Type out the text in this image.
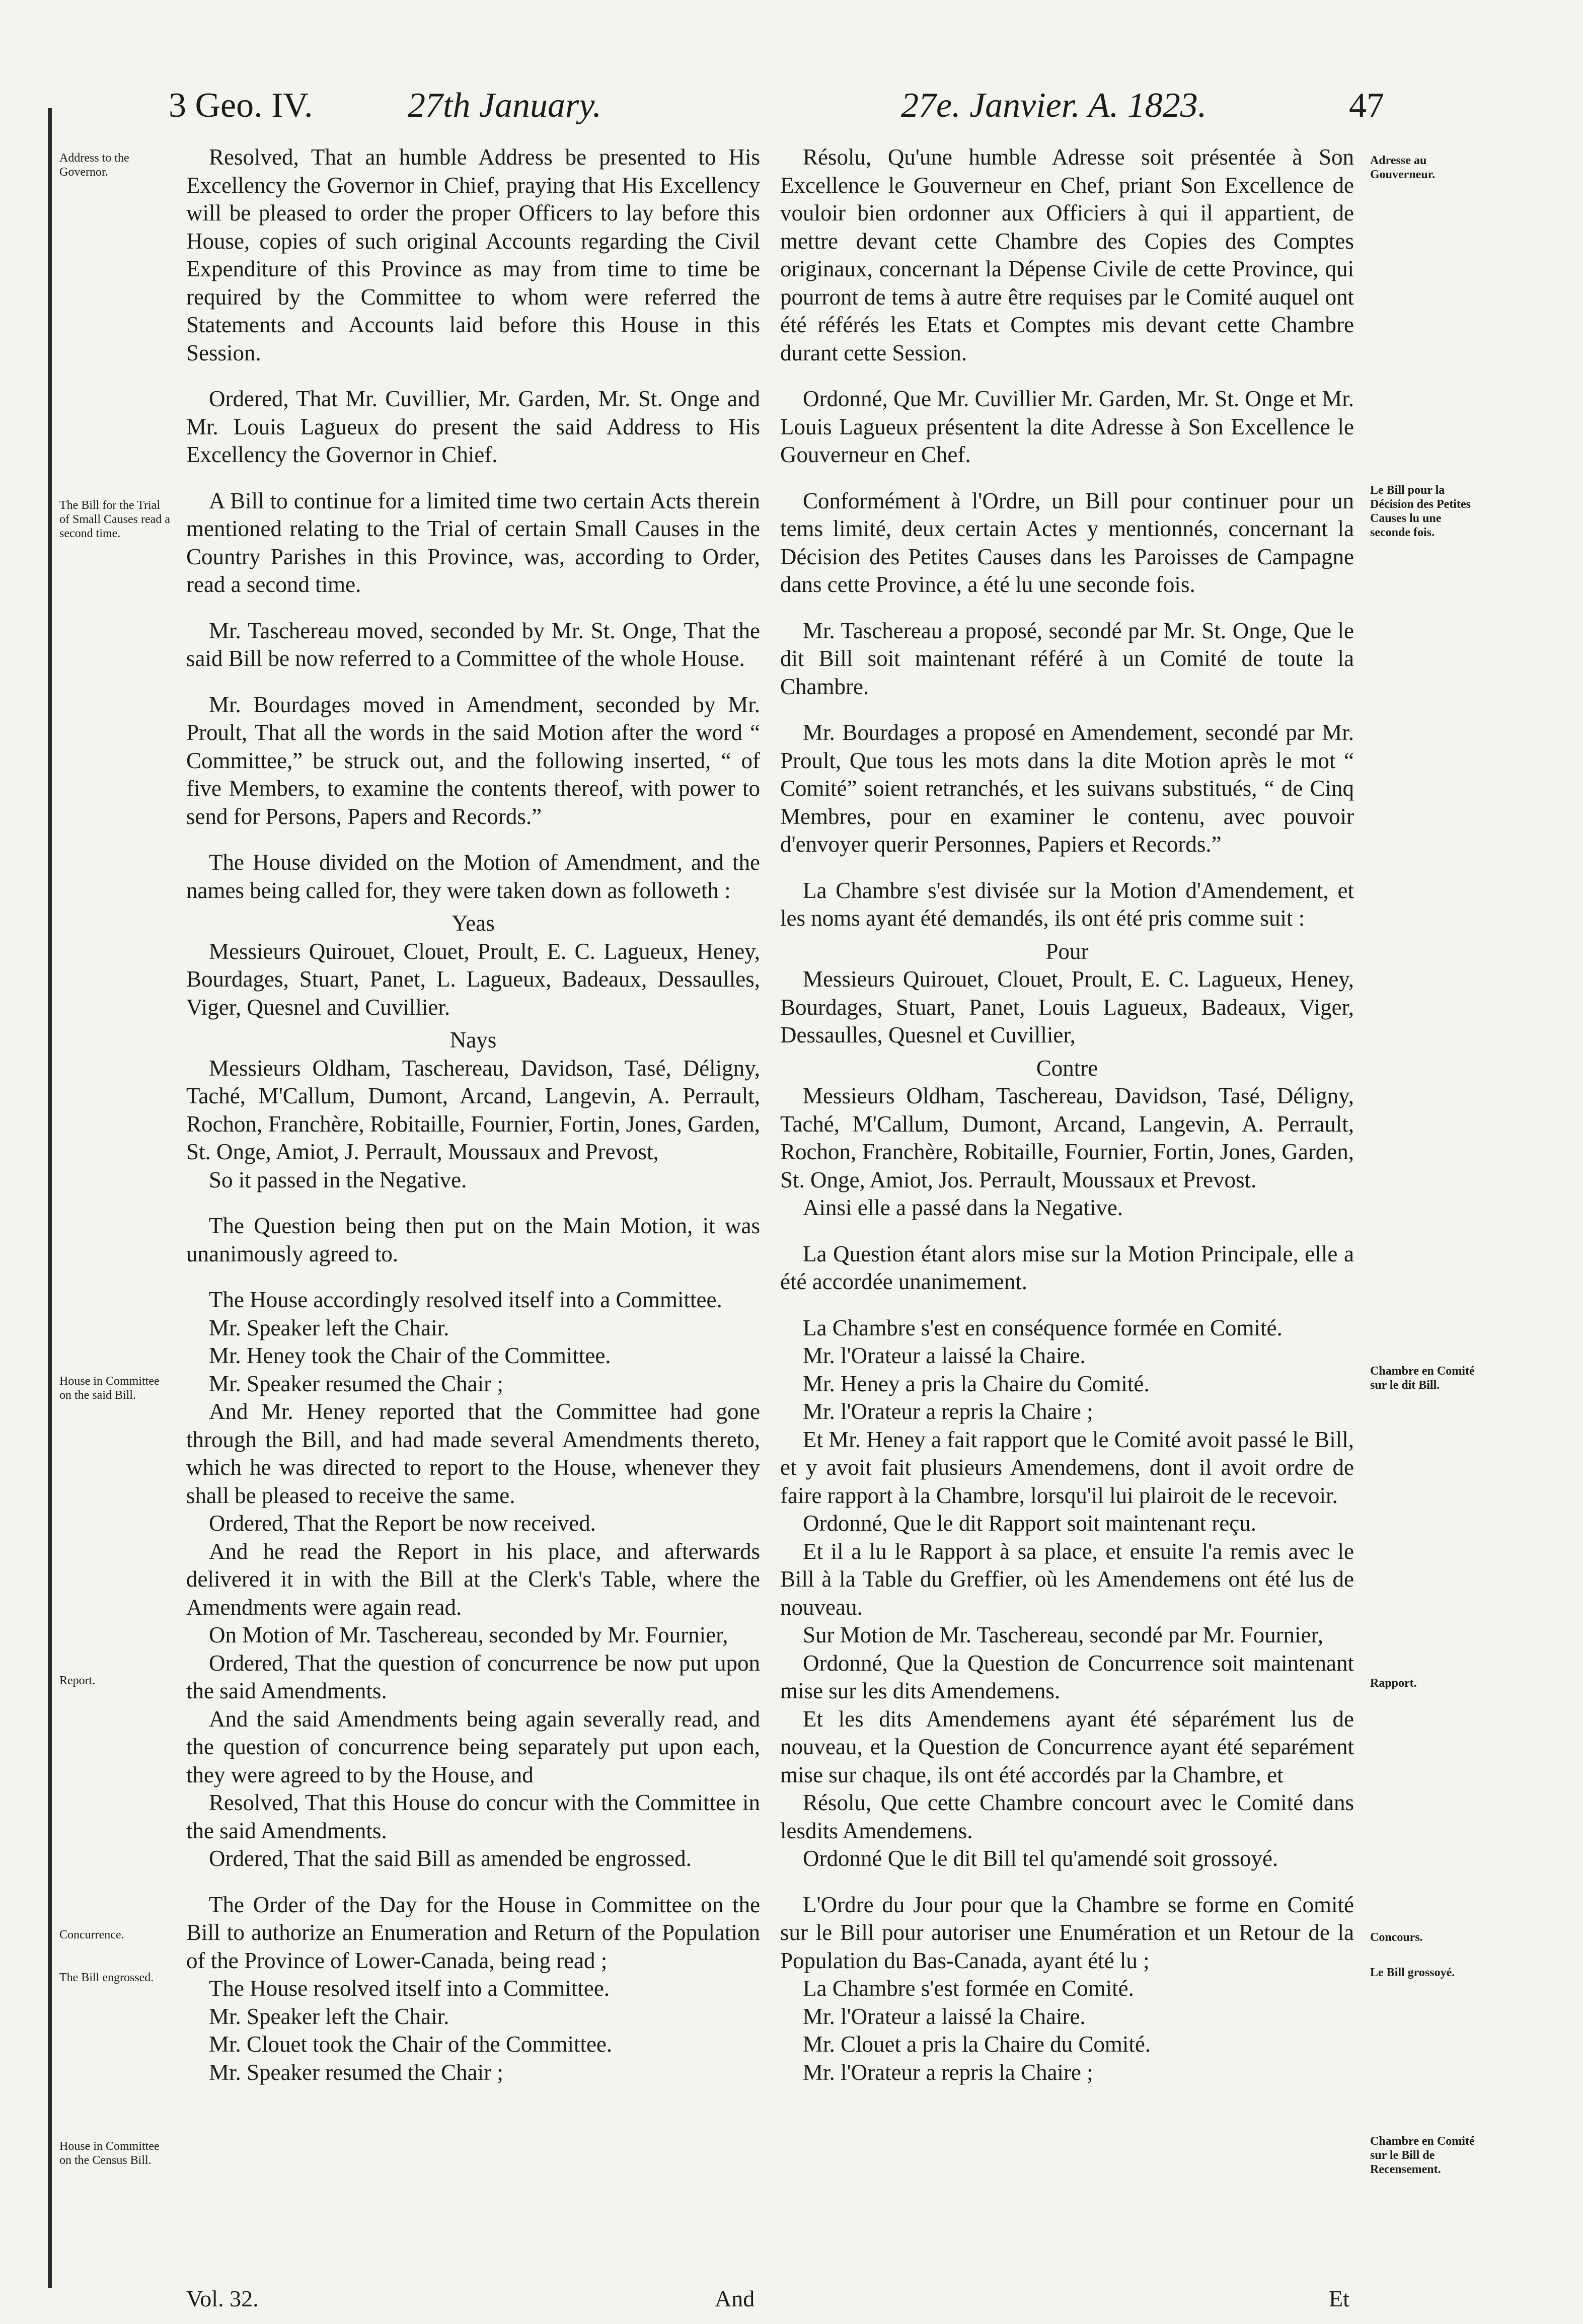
3 Geo. IV.	27th January.	27e. Janvier. A. 1823.	47
Address to the Governor.
The Bill for the Trial of Small Causes read a second time.
House in Committee on the said Bill.
Report.
Concurrence.
The Bill engrossed.
House in Committee on the Census Bill.
Adresse au Gouverneur.
Le Bill pour la Décision des Petites Causes lu une seconde fois.
Chambre en Comité sur le dit Bill.
Rapport.
Concours.
Le Bill grossoyé.
Chambre en Comité sur le Bill de Recensement.

Resolved, That an humble Address be presented to His Excellency the Governor in Chief, praying that His Excellency will be pleased to order the proper Officers to lay before this House, copies of such original Accounts regarding the Civil Expenditure of this Province as may from time to time be required by the Committee to whom were referred the Statements and Accounts laid before this House in this Session.

Ordered, That Mr. Cuvillier, Mr. Garden, Mr. St. Onge and Mr. Louis Lagueux do present the said Address to His Excellency the Governor in Chief.

A Bill to continue for a limited time two certain Acts therein mentioned relating to the Trial of certain Small Causes in the Country Parishes in this Province, was, according to Order, read a second time.

Mr. Taschereau moved, seconded by Mr. St. Onge, That the said Bill be now referred to a Committee of the whole House.

Mr. Bourdages moved in Amendment, seconded by Mr. Proult, That all the words in the said Motion after the word “ Committee,” be struck out, and the following inserted, “ of five Members, to examine the contents thereof, with power to send for Persons, Papers and Records.”

The House divided on the Motion of Amendment, and the names being called for, they were taken down as followeth :

Yeas

Messieurs Quirouet, Clouet, Proult, E. C. Lagueux, Heney, Bourdages, Stuart, Panet, L. Lagueux, Badeaux, Dessaulles, Viger, Quesnel and Cuvillier.

Nays

Messieurs Oldham, Taschereau, Davidson, Tasé, Déligny, Taché, M'Callum, Dumont, Arcand, Langevin, A. Perrault, Rochon, Franchère, Robitaille, Fournier, Fortin, Jones, Garden, St. Onge, Amiot, J. Perrault, Moussaux and Prevost,

So it passed in the Negative.

The Question being then put on the Main Motion, it was unanimously agreed to.

The House accordingly resolved itself into a Committee.

Mr. Speaker left the Chair.

Mr. Heney took the Chair of the Committee.

Mr. Speaker resumed the Chair ;

And Mr. Heney reported that the Committee had gone through the Bill, and had made several Amendments thereto, which he was directed to report to the House, whenever they shall be pleased to receive the same.

Ordered, That the Report be now received.

And he read the Report in his place, and afterwards delivered it in with the Bill at the Clerk's Table, where the Amendments were again read.

On Motion of Mr. Taschereau, seconded by Mr. Fournier,

Ordered, That the question of concurrence be now put upon the said Amendments.

And the said Amendments being again severally read, and the question of concurrence being separately put upon each, they were agreed to by the House, and

Resolved, That this House do concur with the Committee in the said Amendments.

Ordered, That the said Bill as amended be engrossed.

The Order of the Day for the House in Committee on the Bill to authorize an Enumeration and Return of the Population of the Province of Lower-Canada, being read ;

The House resolved itself into a Committee.

Mr. Speaker left the Chair.

Mr. Clouet took the Chair of the Committee.

Mr. Speaker resumed the Chair ;

Résolu, Qu'une humble Adresse soit présentée à Son Excellence le Gouverneur en Chef, priant Son Excellence de vouloir bien ordonner aux Officiers à qui il appartient, de mettre devant cette Chambre des Copies des Comptes originaux, concernant la Dépense Civile de cette Province, qui pourront de tems à autre être requises par le Comité auquel ont été référés les Etats et Comptes mis devant cette Chambre durant cette Session.

Ordonné, Que Mr. Cuvillier Mr. Garden, Mr. St. Onge et Mr. Louis Lagueux présentent la dite Adresse à Son Excellence le Gouverneur en Chef.

Conformément à l'Ordre, un Bill pour continuer pour un tems limité, deux certain Actes y mentionnés, concernant la Décision des Petites Causes dans les Paroisses de Campagne dans cette Province, a été lu une seconde fois.

Mr. Taschereau a proposé, secondé par Mr. St. Onge, Que le dit Bill soit maintenant référé à un Comité de toute la Chambre.

Mr. Bourdages a proposé en Amendement, secondé par Mr. Proult, Que tous les mots dans la dite Motion après le mot “ Comité” soient retranchés, et les suivans substitués, “ de Cinq Membres, pour en examiner le contenu, avec pouvoir d'envoyer querir Personnes, Papiers et Records.”

La Chambre s'est divisée sur la Motion d'Amendement, et les noms ayant été demandés, ils ont été pris comme suit :

Pour

Messieurs Quirouet, Clouet, Proult, E. C. Lagueux, Heney, Bourdages, Stuart, Panet, Louis Lagueux, Badeaux, Viger, Dessaulles, Quesnel et Cuvillier,

Contre

Messieurs Oldham, Taschereau, Davidson, Tasé, Déligny, Taché, M'Callum, Dumont, Arcand, Langevin, A. Perrault, Rochon, Franchère, Robitaille, Fournier, Fortin, Jones, Garden, St. Onge, Amiot, Jos. Perrault, Moussaux et Prevost.

Ainsi elle a passé dans la Negative.

La Question étant alors mise sur la Motion Principale, elle a été accordée unanimement.

La Chambre s'est en conséquence formée en Comité.

Mr. l'Orateur a laissé la Chaire.

Mr. Heney a pris la Chaire du Comité.

Mr. l'Orateur a repris la Chaire ;

Et Mr. Heney a fait rapport que le Comité avoit passé le Bill, et y avoit fait plusieurs Amendemens, dont il avoit ordre de faire rapport à la Chambre, lorsqu'il lui plairoit de le recevoir.

Ordonné, Que le dit Rapport soit maintenant reçu.

Et il a lu le Rapport à sa place, et ensuite l'a remis avec le Bill à la Table du Greffier, où les Amendemens ont été lus de nouveau.

Sur Motion de Mr. Taschereau, secondé par Mr. Fournier,

Ordonné, Que la Question de Concurrence soit maintenant mise sur les dits Amendemens.

Et les dits Amendemens ayant été séparément lus de nouveau, et la Question de Concurrence ayant été separément mise sur chaque, ils ont été accordés par la Chambre, et

Résolu, Que cette Chambre concourt avec le Comité dans lesdits Amendemens.

Ordonné Que le dit Bill tel qu'amendé soit grossoyé.

L'Ordre du Jour pour que la Chambre se forme en Comité sur le Bill pour autoriser une Enumération et un Retour de la Population du Bas-Canada, ayant été lu ;

La Chambre s'est formée en Comité.

Mr. l'Orateur a laissé la Chaire.

Mr. Clouet a pris la Chaire du Comité.

Mr. l'Orateur a repris la Chaire ;

Vol. 32.	And	Et
